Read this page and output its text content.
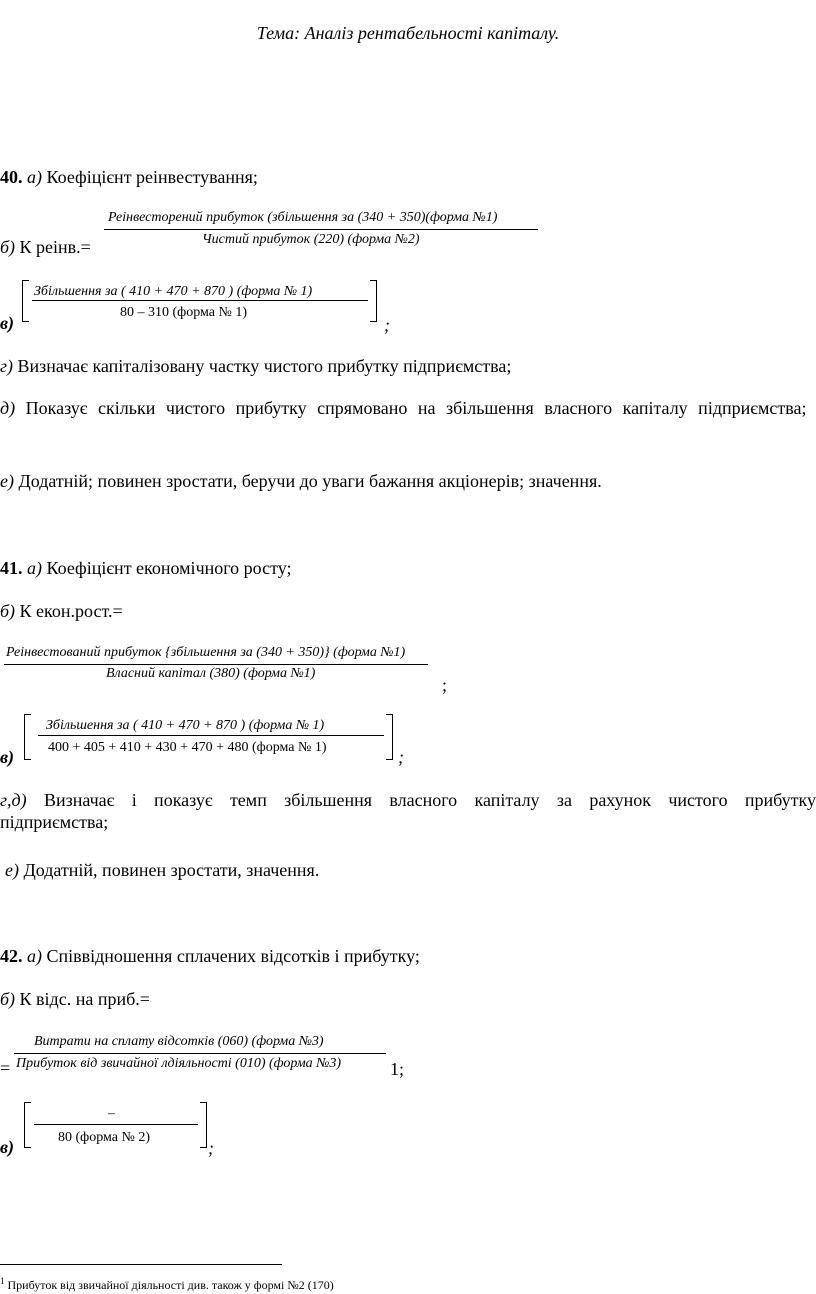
Тема: Аналіз рентабельності капіталу.
40. а) Коефіцієнт реінвестування;
Реінвесторений прибуток (збільшення за (340 + 350)(форма №1)
Чистий прибуток (220) (форма №2)
б) К реінв.=
Збільшення за ( 410 + 470 + 870 ) (форма № 1)
80 – 310 (форма № 1)
в)	;
г) Визначає капіталізовану частку чистого прибутку підприємства;
д) Показує скільки чистого прибутку спрямовано на збільшення власного капіталу підприємства;
е) Додатній; повинен зростати, беручи до уваги бажання акціонерів; значення.
41. а) Коефіцієнт економічного росту;
б) К екон.рост.=
Реінвестований прибуток {збільшення за (340 + 350)} (форма №1)
Власний капітал (380) (форма №1)
;
Збільшення за ( 410 + 470 + 870 ) (форма № 1)
400 + 405 + 410 + 430 + 470 + 480 (форма № 1)
в)	;
г,д) Визначає і показує темп збільшення власного капіталу за рахунок чистого прибутку підприємства;
е) Додатній, повинен зростати, значення.
42. а) Співвідношення сплачених відсотків і прибутку;
б) К відс. на приб.=
Витрати на сплату відсотків (060) (форма №3)
Прибуток від звичайної лдіяльності (010) (форма №3)
=	1;
–
80 (форма № 2)
в)	;
$^1$ Прибуток від звичайної діяльності див. також у формі №2 (170)
